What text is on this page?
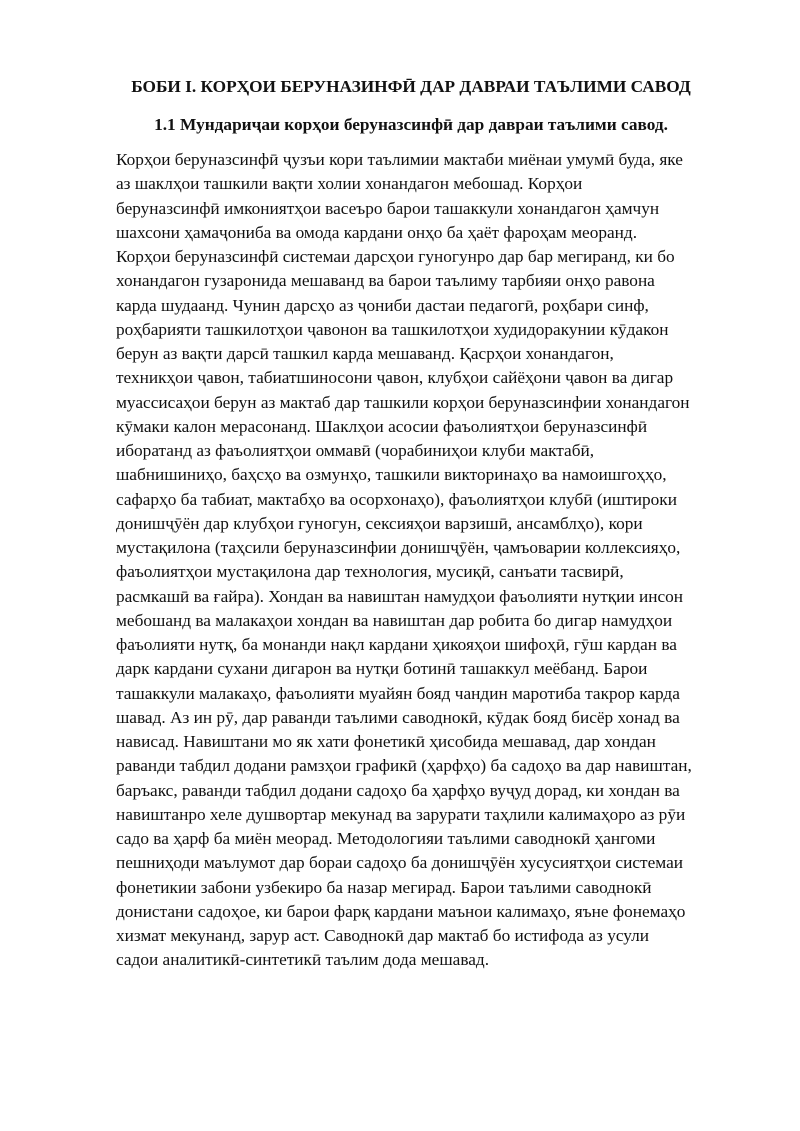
БОБИ I. КОРҲОИ БЕРУНАЗИНФӢ ДАР ДАВРАИ ТАЪЛИМИ САВОД
1.1 Мундариҷаи корҳои беруназсинфӣ дар давраи таълими савод.
Корҳои беруназсинфӣ ҷузъи кори таълимии мактаби миёнаи умумӣ буда, яке
аз шаклҳои ташкили вақти холии хонандагон мебошад. Корҳои
беруназсинфӣ имкониятҳои васеъро барои ташаккули хонандагон ҳамчун
шахсони ҳамаҷониба ва омода кардани онҳо ба ҳаёт фароҳам меоранд.
Корҳои беруназсинфӣ системаи дарсҳои гуногунро дар бар мегиранд, ки бо
хонандагон гузаронида мешаванд ва барои таълиму тарбияи онҳо равона
карда шудаанд. Чунин дарсҳо аз ҷониби дастаи педагогӣ, роҳбари синф,
роҳбарияти ташкилотҳои ҷавонон ва ташкилотҳои худидоракунии кӯдакон
берун аз вақти дарсӣ ташкил карда мешаванд. Қасрҳои хонандагон,
техникҳои ҷавон, табиатшиносони ҷавон, клубҳои сайёҳони ҷавон ва дигар
муассисаҳои берун аз мактаб дар ташкили корҳои беруназсинфии хонандагон
кӯмаки калон мерасонанд. Шаклҳои асосии фаъолиятҳои беруназсинфӣ
иборатанд аз фаъолиятҳои оммавӣ (чорабиниҳои клуби мактабӣ,
шабнишиниҳо, баҳсҳо ва озмунҳо, ташкили викторинаҳо ва намоишгоҳҳо,
сафарҳо ба табиат, мактабҳо ва осорхонаҳо), фаъолиятҳои клубӣ (иштироки
донишҷӯён дар клубҳои гуногун, сексияҳои варзишӣ, ансамблҳо), кори
мустақилона (таҳсили беруназсинфии донишҷӯён, ҷамъоварии коллексияҳо,
фаъолиятҳои мустақилона дар технология, мусиқӣ, санъати тасвирӣ,
расмкашӣ ва ғайра). Хондан ва навиштан намудҳои фаъолияти нутқии инсон
мебошанд ва малакаҳои хондан ва навиштан дар робита бо дигар намудҳои
фаъолияти нутқ, ба монанди нақл кардани ҳикояҳои шифоҳӣ, гӯш кардан ва
дарк кардани сухани дигарон ва нутқи ботинӣ ташаккул меёбанд. Барои
ташаккули малакаҳо, фаъолияти муайян бояд чандин маротиба такрор карда
шавад. Аз ин рӯ, дар раванди таълими саводнокӣ, кӯдак бояд бисёр хонад ва
нависад. Навиштани мо як хати фонетикӣ ҳисобида мешавад, дар хондан
раванди табдил додани рамзҳои графикӣ (ҳарфҳо) ба садоҳо ва дар навиштан,
баръакс, раванди табдил додани садоҳо ба ҳарфҳо вуҷуд дорад, ки хондан ва
навиштанро хеле душвортар мекунад ва зарурати таҳлили калимаҳоро аз рӯи
садо ва ҳарф ба миён меорад. Методологияи таълими саводнокӣ ҳангоми
пешниҳоди маълумот дар бораи садоҳо ба донишҷӯён хусусиятҳои системаи
фонетикии забони узбекиро ба назар мегирад. Барои таълими саводнокӣ
донистани садоҳое, ки барои фарқ кардани маънои калимаҳо, яъне фонемаҳо
хизмат мекунанд, зарур аст. Саводнокӣ дар мактаб бо истифода аз усули
садои аналитикӣ-синтетикӣ таълим дода мешавад.
